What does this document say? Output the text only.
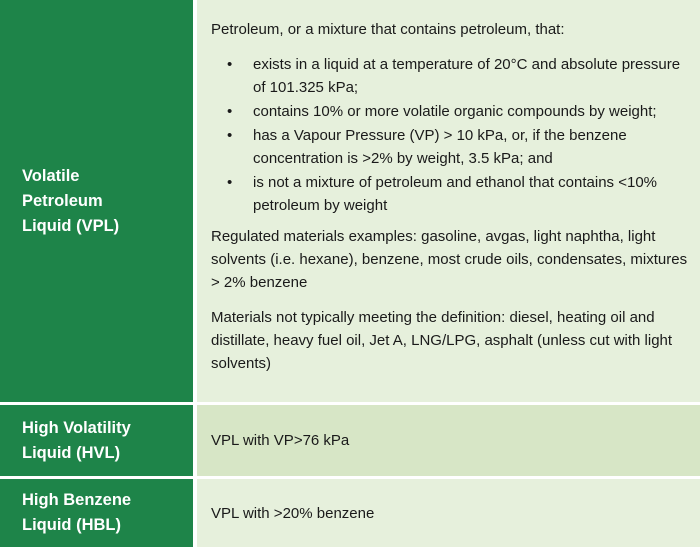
Volatile Petroleum Liquid (VPL)

Petroleum, or a mixture that contains petroleum, that:

• exists in a liquid at a temperature of 20°C and absolute pressure of 101.325 kPa;
• contains 10% or more volatile organic compounds by weight;
• has a Vapour Pressure (VP) > 10 kPa, or, if the benzene concentration is >2% by weight, 3.5 kPa; and
• is not a mixture of petroleum and ethanol that contains <10% petroleum by weight

Regulated materials examples: gasoline, avgas, light naphtha, light solvents (i.e. hexane), benzene, most crude oils, condensates, mixtures > 2% benzene

Materials not typically meeting the definition: diesel, heating oil and distillate, heavy fuel oil, Jet A, LNG/LPG, asphalt (unless cut with light solvents)

High Volatility Liquid (HVL)
VPL with VP>76 kPa
High Benzene Liquid (HBL)
VPL with >20% benzene
